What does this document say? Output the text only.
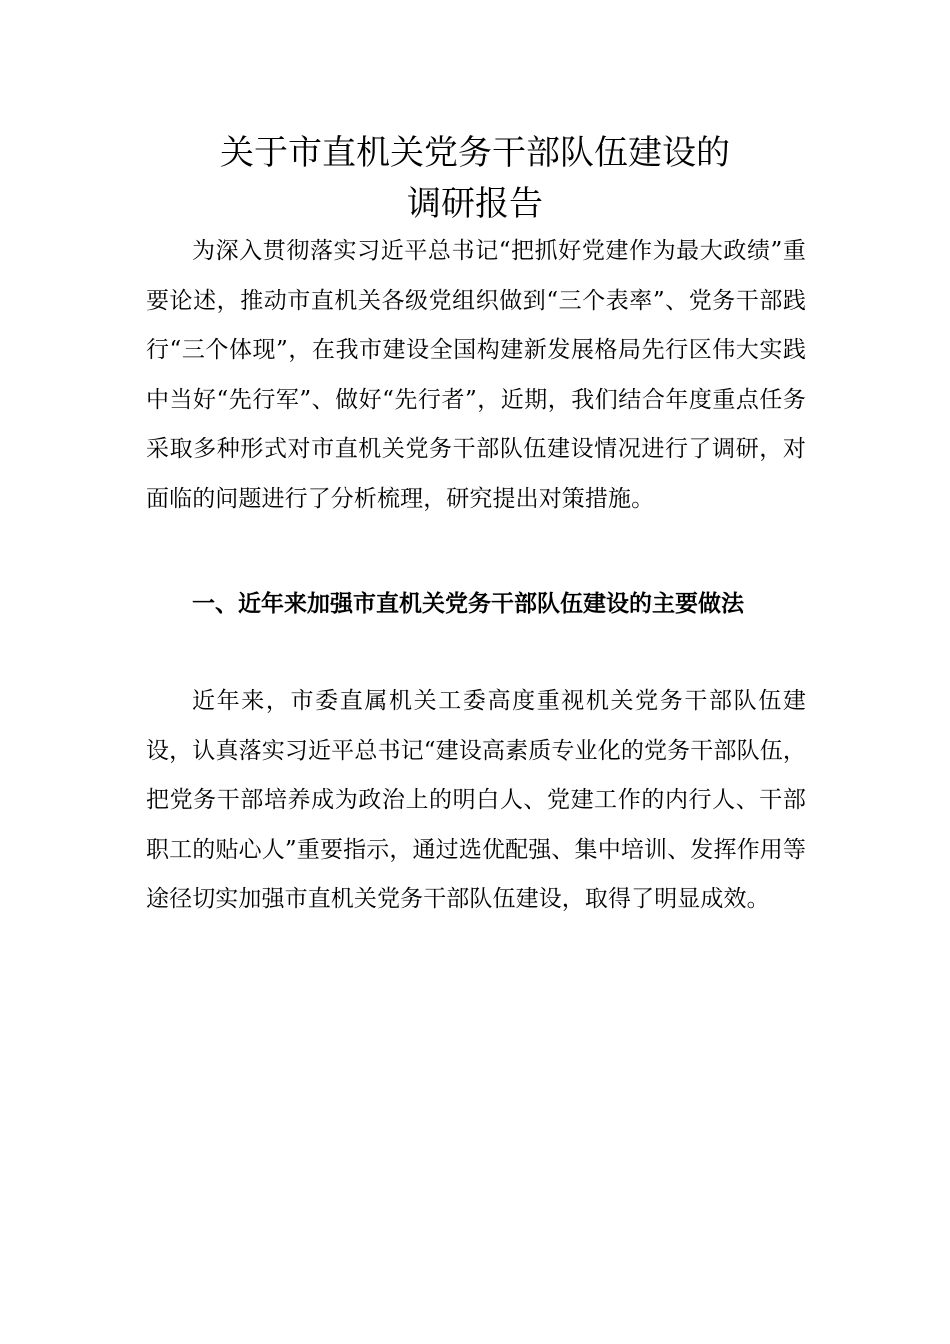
关于市直机关党务干部队伍建设的
调研报告
为深入贯彻落实习近平总书记“把抓好党建作为最大政绩”重要论述，推动市直机关各级党组织做到“三个表率”、党务干部践行“三个体现”，在我市建设全国构建新发展格局先行区伟大实践中当好“先行军”、做好“先行者”，近期，我们结合年度重点任务采取多种形式对市直机关党务干部队伍建设情况进行了调研，对面临的问题进行了分析梳理，研究提出对策措施。
一、近年来加强市直机关党务干部队伍建设的主要做法
近年来，市委直属机关工委高度重视机关党务干部队伍建设，认真落实习近平总书记“建设高素质专业化的党务干部队伍，把党务干部培养成为政治上的明白人、党建工作的内行人、干部职工的贴心人”重要指示，通过选优配强、集中培训、发挥作用等途径切实加强市直机关党务干部队伍建设，取得了明显成效。
